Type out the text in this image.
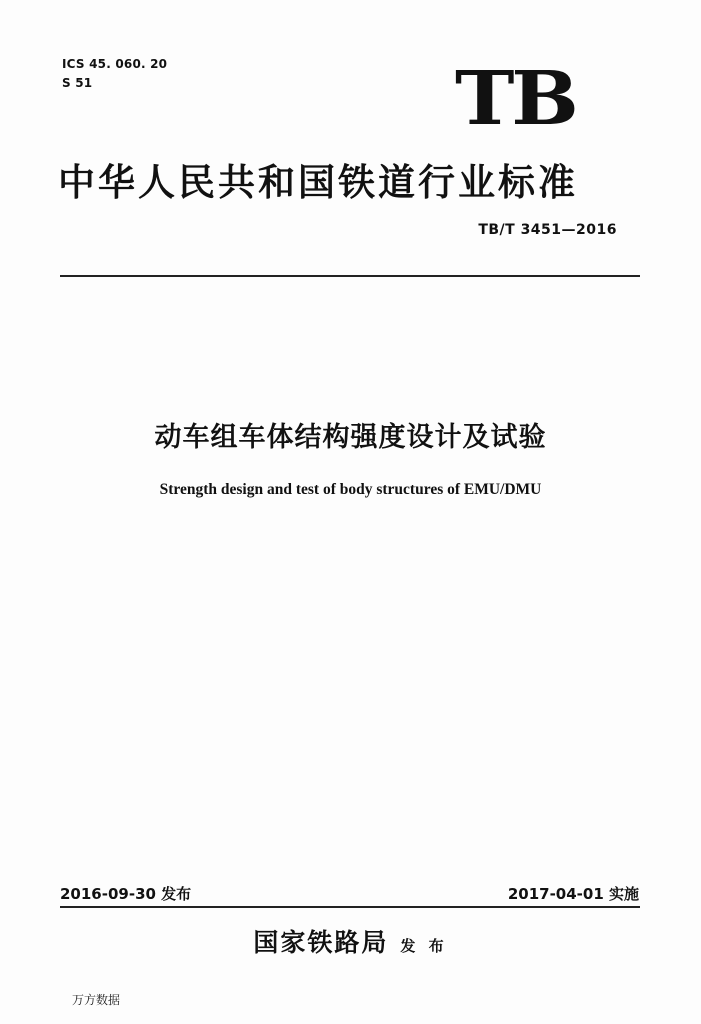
ICS 45. 060. 20
S 51	TB
中华人民共和国铁道行业标准
TB/T 3451—2016
动车组车体结构强度设计及试验
Strength design and test of body structures of EMU/DMU
2016-09-30 发布	2017-04-01 实施
国家铁路局 发 布
万方数据
